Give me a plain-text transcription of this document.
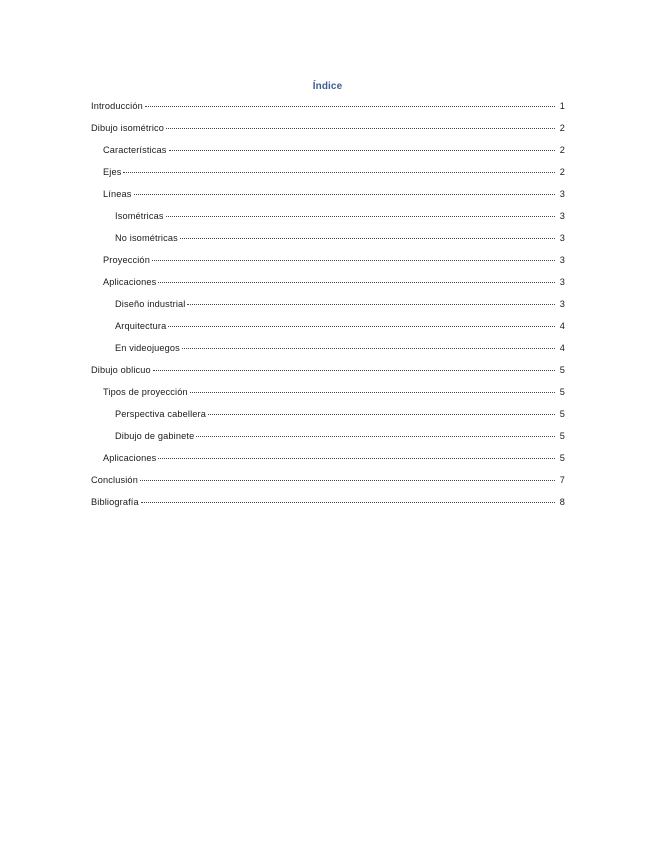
Índice
Introducción	1
Dibujo isométrico	2
Características	2
Ejes	2
Líneas	3
Isométricas	3
No isométricas	3
Proyección	3
Aplicaciones	3
Diseño industrial	3
Arquitectura	4
En videojuegos	4
Dibujo oblicuo	5
Tipos de proyección	5
Perspectiva cabellera	5
Dibujo de gabinete	5
Aplicaciones	5
Conclusión	7
Bibliografía	8
